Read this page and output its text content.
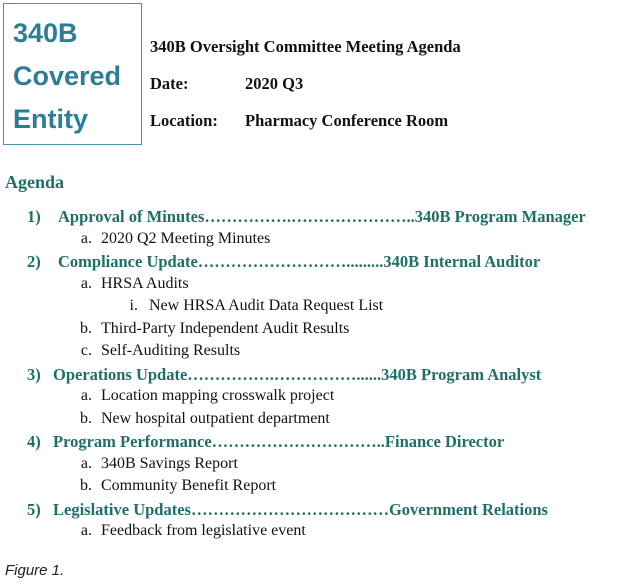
340B
Covered
Entity
340B Oversight Committee Meeting Agenda
Date:	2020 Q3
Location: Pharmacy Conference Room
Agenda
1) Approval of Minutes…………….…………………..340B Program Manager
a. 2020 Q2 Meeting Minutes
2) Compliance Update……………………….........340B Internal Auditor
a. HRSA Audits
i. New HRSA Audit Data Request List
b. Third-Party Independent Audit Results
c. Self-Auditing Results
3) Operations Update…………….……………......340B Program Analyst
a. Location mapping crosswalk project
b. New hospital outpatient department
4) Program Performance…………………………..Finance Director
a. 340B Savings Report
b. Community Benefit Report
5) Legislative Updates………………………………Government Relations
a. Feedback from legislative event
Figure 1.
